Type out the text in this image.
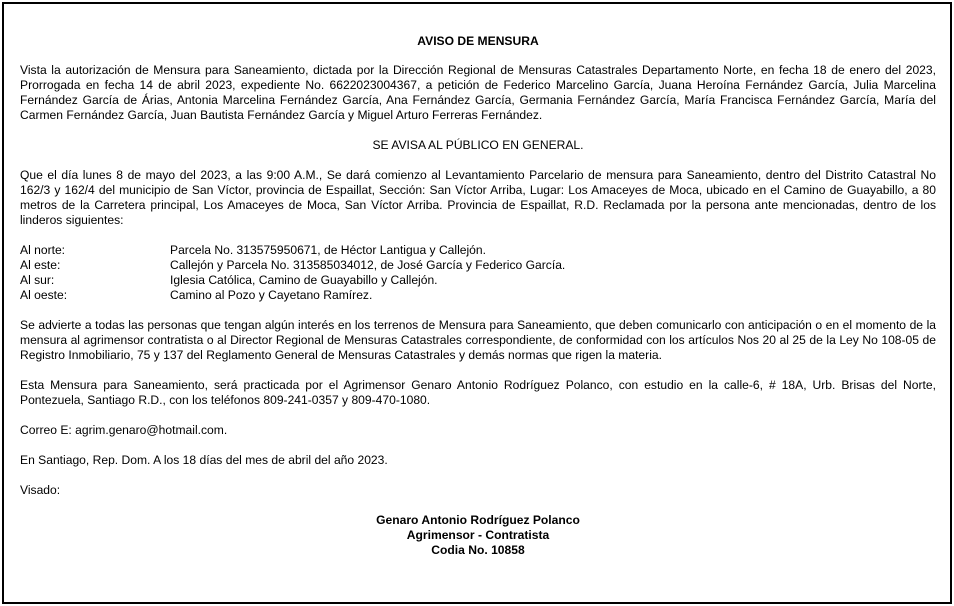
AVISO DE MENSURA

Vista la autorización de Mensura para Saneamiento, dictada por la Dirección Regional de Mensuras Catastrales Departamento Norte, en fecha 18 de enero del 2023, Prorrogada en fecha 14 de abril 2023, expediente No. 6622023004367, a petición de Federico Marcelino García, Juana Heroína Fernández García, Julia Marcelina Fernández García de Árias, Antonia Marcelina Fernández García, Ana Fernández García, Germania Fernández García, María Francisca Fernández García, María del Carmen Fernández García, Juan Bautista Fernández García y Miguel Arturo Ferreras Fernández.

SE AVISA AL PÚBLICO EN GENERAL.

Que el día lunes 8 de mayo del 2023, a las 9:00 A.M., Se dará comienzo al Levantamiento Parcelario de mensura para Saneamiento, dentro del Distrito Catastral No 162/3 y 162/4 del municipio de San Víctor, provincia de Espaillat, Sección: San Víctor Arriba, Lugar: Los Amaceyes de Moca, ubicado en el Camino de Guayabillo, a 80 metros de la Carretera principal, Los Amaceyes de Moca, San Víctor Arriba. Provincia de Espaillat, R.D. Reclamada por la persona ante mencionadas, dentro de los linderos siguientes:

Al norte:	Parcela No. 313575950671, de Héctor Lantigua y Callejón.
Al este:	Callejón y Parcela No. 313585034012, de José García y Federico García.
Al sur:	Iglesia Católica, Camino de Guayabillo y Callejón.
Al oeste:	Camino al Pozo y Cayetano Ramírez.

Se advierte a todas las personas que tengan algún interés en los terrenos de Mensura para Saneamiento, que deben comunicarlo con anticipación o en el momento de la mensura al agrimensor contratista o al Director Regional de Mensuras Catastrales correspondiente, de conformidad con los artículos Nos 20 al 25 de la Ley No 108-05 de Registro Inmobiliario, 75 y 137 del Reglamento General de Mensuras Catastrales y demás normas que rigen la materia.

Esta Mensura para Saneamiento, será practicada por el Agrimensor Genaro Antonio Rodríguez Polanco, con estudio en la calle-6, # 18A, Urb. Brisas del Norte, Pontezuela, Santiago R.D., con los teléfonos 809-241-0357 y 809-470-1080.

Correo E: agrim.genaro@hotmail.com.

En Santiago, Rep. Dom. A los 18 días del mes de abril del año 2023.

Visado:

Genaro Antonio Rodríguez Polanco

Agrimensor - Contratista

Codia No. 10858
